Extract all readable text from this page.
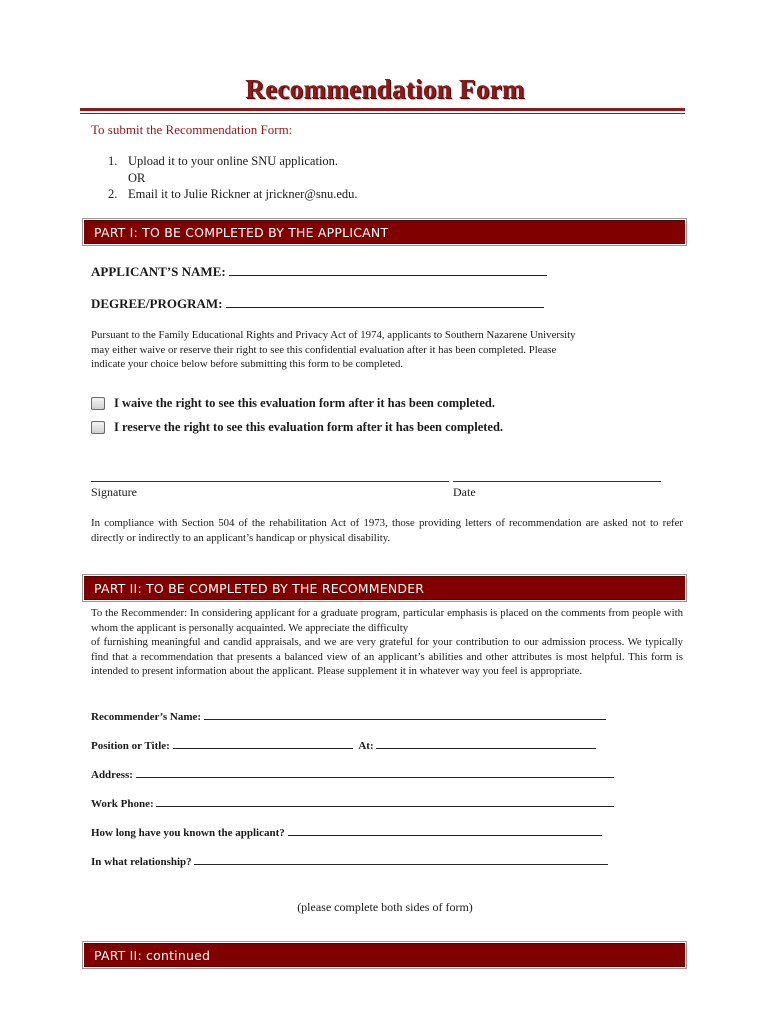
Recommendation Form
To submit the Recommendation Form:
1. Upload it to your online SNU application.
OR
2. Email it to Julie Rickner at jrickner@snu.edu.
PART I: TO BE COMPLETED BY THE APPLICANT
APPLICANT’S NAME:
DEGREE/PROGRAM:
Pursuant to the Family Educational Rights and Privacy Act of 1974, applicants to Southern Nazarene University may either waive or reserve their right to see this confidential evaluation after it has been completed. Please indicate your choice below before submitting this form to be completed.
I waive the right to see this evaluation form after it has been completed.
I reserve the right to see this evaluation form after it has been completed.
Signature	Date
In compliance with Section 504 of the rehabilitation Act of 1973, those providing letters of recommendation are asked not to refer directly or indirectly to an applicant’s handicap or physical disability.
PART II: TO BE COMPLETED BY THE RECOMMENDER
To the Recommender: In considering applicant for a graduate program, particular emphasis is placed on the comments from people with whom the applicant is personally acquainted. We appreciate the difficulty
of furnishing meaningful and candid appraisals, and we are very grateful for your contribution to our admission process. We typically find that a recommendation that presents a balanced view of an applicant’s abilities and other attributes is most helpful. This form is intended to present information about the applicant. Please supplement it in whatever way you feel is appropriate.
Recommender’s Name:
Position or Title:	At:
Address:
Work Phone:
How long have you known the applicant?
In what relationship?
(please complete both sides of form)
PART II: continued
